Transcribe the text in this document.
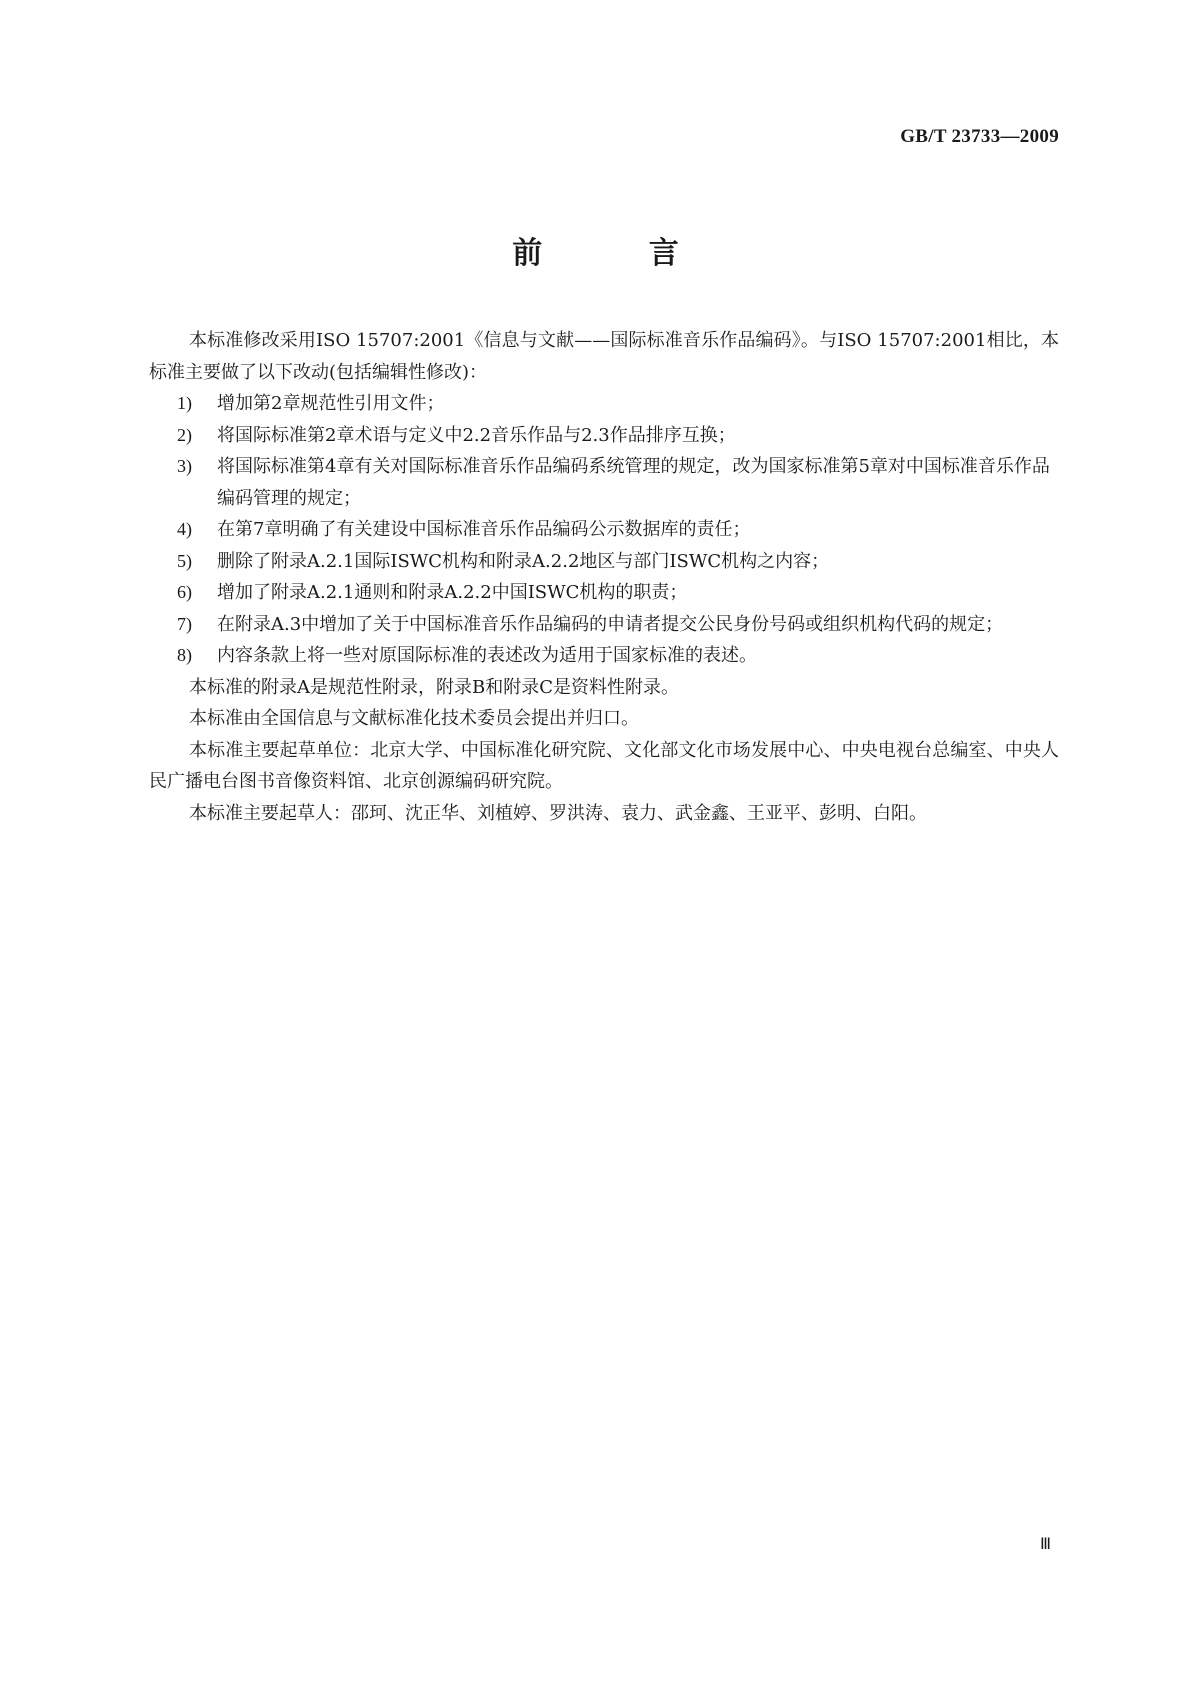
GB/T 23733—2009
前 言

本标准修改采用ISO 15707:2001《信息与文献——国际标准音乐作品编码》。与ISO 15707:2001相比，本标准主要做了以下改动(包括编辑性修改)：

1) 增加第2章规范性引用文件；

2) 将国际标准第2章术语与定义中2.2音乐作品与2.3作品排序互换；

3) 将国际标准第4章有关对国际标准音乐作品编码系统管理的规定，改为国家标准第5章对中国标准音乐作品编码管理的规定；

4) 在第7章明确了有关建设中国标准音乐作品编码公示数据库的责任；

5) 删除了附录A.2.1国际ISWC机构和附录A.2.2地区与部门ISWC机构之内容；

6) 增加了附录A.2.1通则和附录A.2.2中国ISWC机构的职责；

7) 在附录A.3中增加了关于中国标准音乐作品编码的申请者提交公民身份号码或组织机构代码的规定；

8) 内容条款上将一些对原国际标准的表述改为适用于国家标准的表述。

本标准的附录A是规范性附录，附录B和附录C是资料性附录。

本标准由全国信息与文献标准化技术委员会提出并归口。

本标准主要起草单位：北京大学、中国标准化研究院、文化部文化市场发展中心、中央电视台总编室、中央人民广播电台图书音像资料馆、北京创源编码研究院。

本标准主要起草人：邵珂、沈正华、刘植婷、罗洪涛、袁力、武金鑫、王亚平、彭明、白阳。

Ⅲ
